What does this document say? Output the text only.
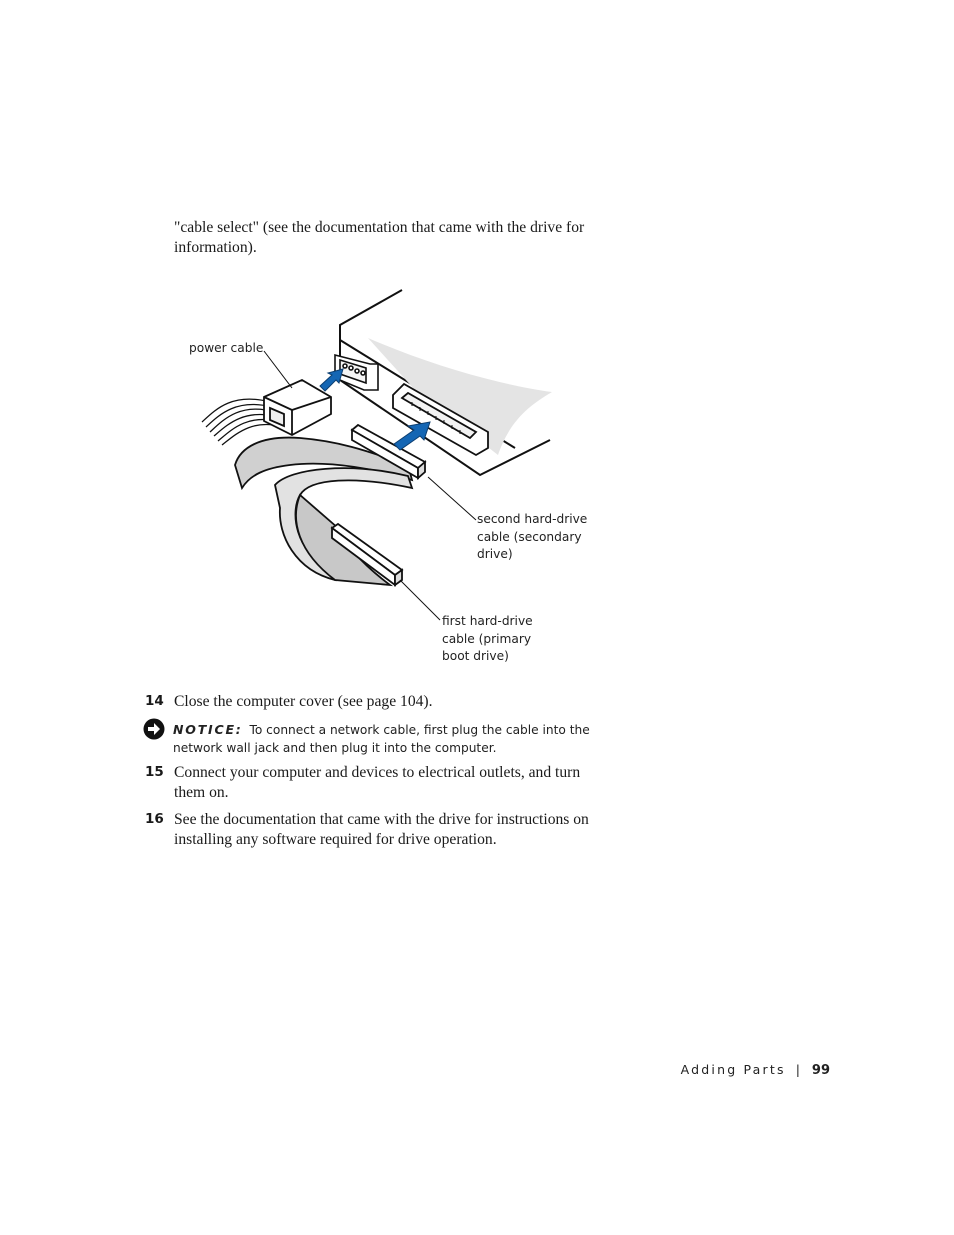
"cable select" (see the documentation that came with the drive for information).
power cable
second hard-drive
cable (secondary
drive)
first hard-drive
cable (primary
boot drive)
14 Close the computer cover (see page 104).
NOTICE: To connect a network cable, first plug the cable into the network wall jack and then plug it into the computer.
15 Connect your computer and devices to electrical outlets, and turn them on.
16 See the documentation that came with the drive for instructions on installing any software required for drive operation.
Adding Parts | 99
